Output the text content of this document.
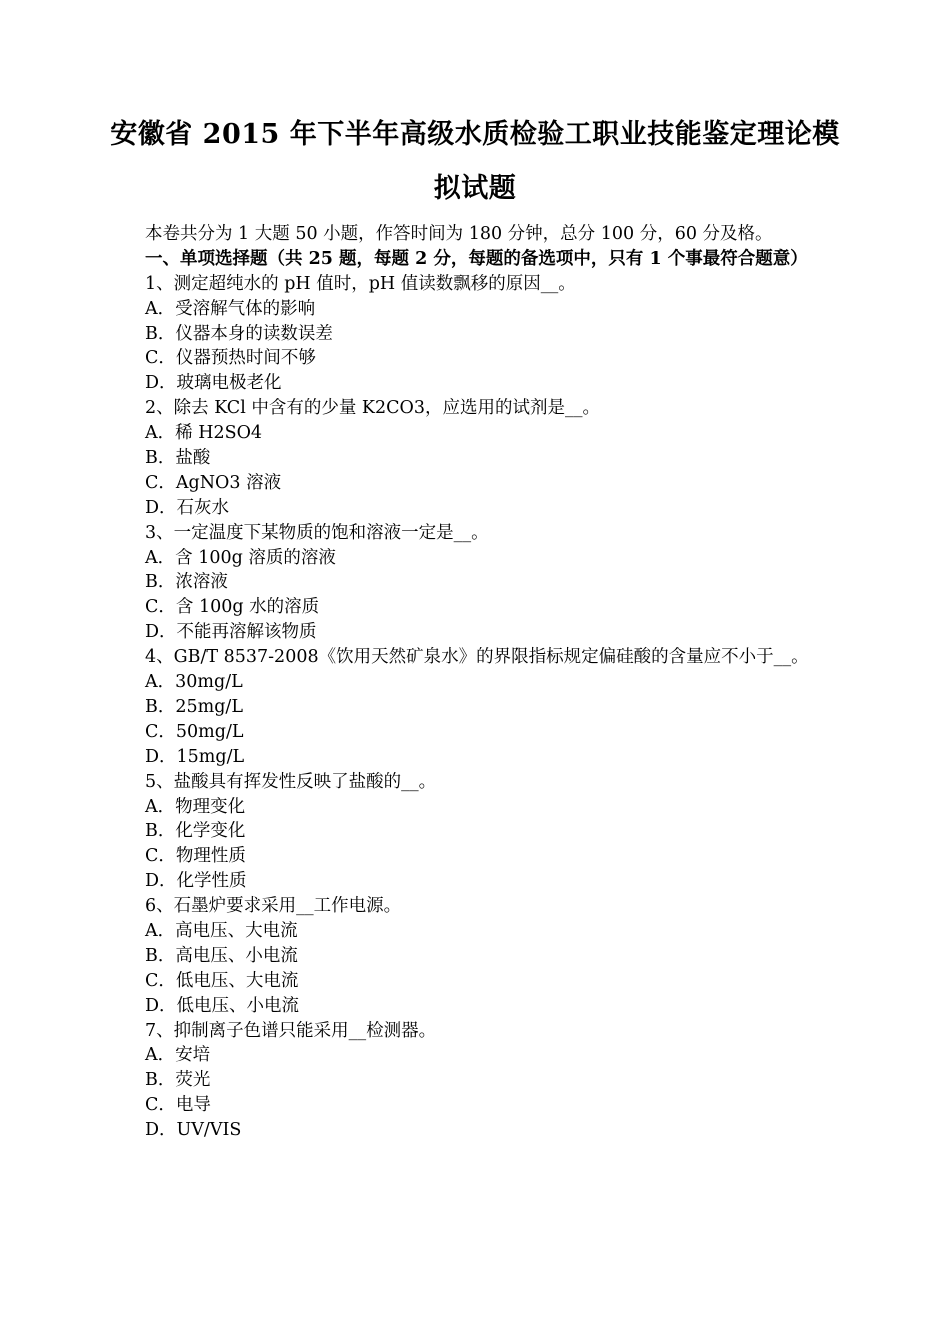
安徽省 2015 年下半年高级水质检验工职业技能鉴定理论模
拟试题
本卷共分为 1 大题 50 小题，作答时间为 180 分钟，总分 100 分，60 分及格。
一、单项选择题（共 25 题，每题 2 分，每题的备选项中，只有 1 个事最符合题意）
1、测定超纯水的 pH 值时，pH 值读数飘移的原因__。
A．受溶解气体的影响
B．仪器本身的读数误差
C．仪器预热时间不够
D．玻璃电极老化
2、除去 KCl 中含有的少量 K2CO3，应选用的试剂是__。
A．稀 H2SO4
B．盐酸
C．AgNO3 溶液
D．石灰水
3、一定温度下某物质的饱和溶液一定是__。
A．含 100g 溶质的溶液
B．浓溶液
C．含 100g 水的溶质
D．不能再溶解该物质
4、GB/T 8537-2008《饮用天然矿泉水》的界限指标规定偏硅酸的含量应不小于__。
A．30mg/L
B．25mg/L
C．50mg/L
D．15mg/L
5、盐酸具有挥发性反映了盐酸的__。
A．物理变化
B．化学变化
C．物理性质
D．化学性质
6、石墨炉要求采用__工作电源。
A．高电压、大电流
B．高电压、小电流
C．低电压、大电流
D．低电压、小电流
7、抑制离子色谱只能采用__检测器。
A．安培
B．荧光
C．电导
D．UV/VIS
